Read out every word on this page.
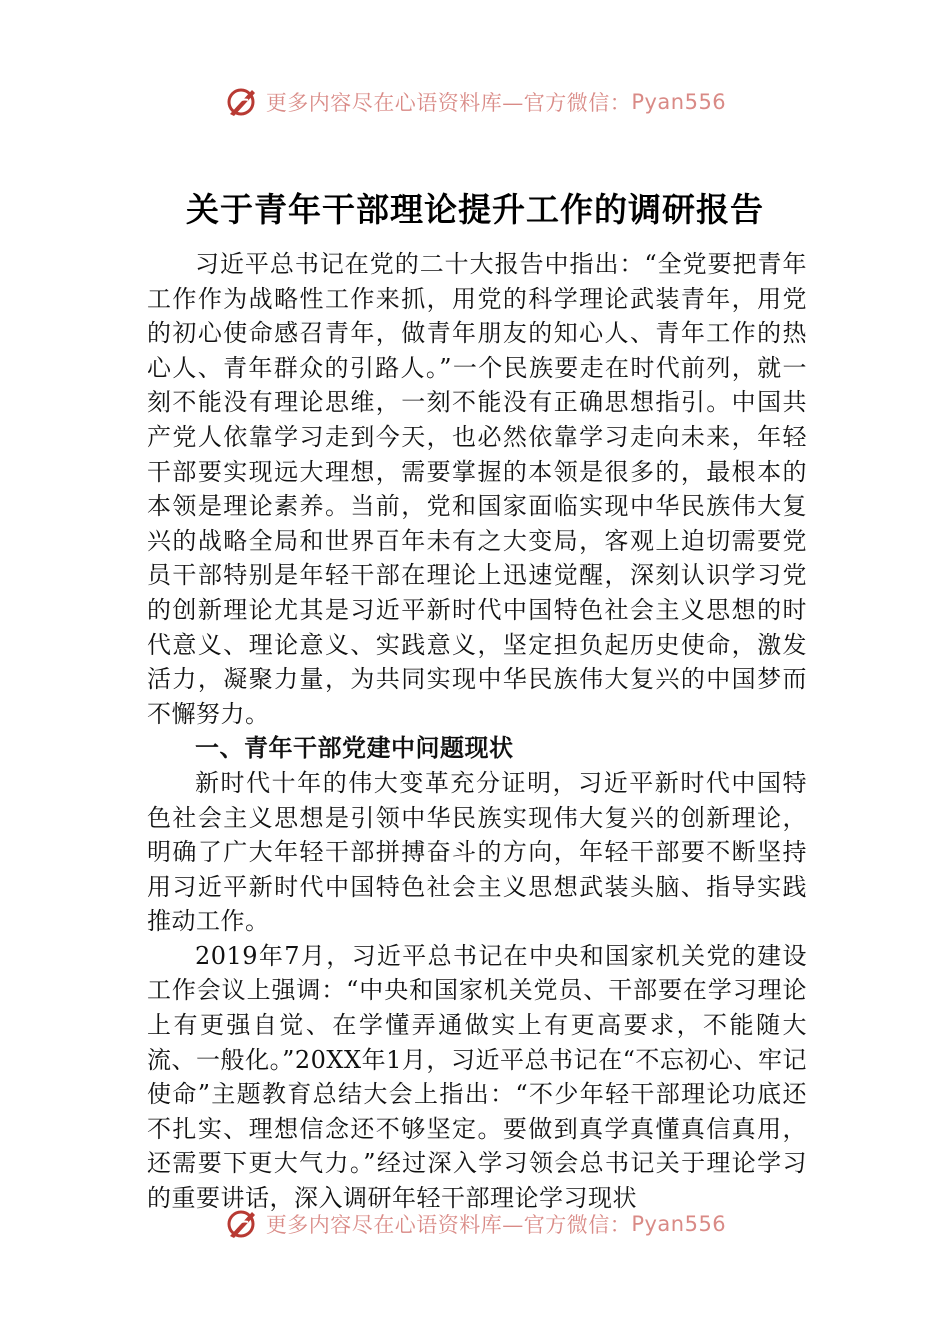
更多内容尽在心语资料库—官方微信： Pyan556
关于青年干部理论提升工作的调研报告

习近平总书记在党的二十大报告中指出：“全党要把青年工作作为战略性工作来抓，用党的科学理论武装青年，用党的初心使命感召青年，做青年朋友的知心人、青年工作的热心人、青年群众的引路人。”一个民族要走在时代前列，就一刻不能没有理论思维，一刻不能没有正确思想指引。中国共产党人依靠学习走到今天，也必然依靠学习走向未来，年轻干部要实现远大理想，需要掌握的本领是很多的，最根本的本领是理论素养。当前，党和国家面临实现中华民族伟大复兴的战略全局和世界百年未有之大变局，客观上迫切需要党员干部特别是年轻干部在理论上迅速觉醒，深刻认识学习党的创新理论尤其是习近平新时代中国特色社会主义思想的时代意义、理论意义、实践意义，坚定担负起历史使命，激发活力，凝聚力量，为共同实现中华民族伟大复兴的中国梦而不懈努力。

一、青年干部党建中问题现状

新时代十年的伟大变革充分证明，习近平新时代中国特色社会主义思想是引领中华民族实现伟大复兴的创新理论，明确了广大年轻干部拼搏奋斗的方向，年轻干部要不断坚持用习近平新时代中国特色社会主义思想武装头脑、指导实践推动工作。

2019年7月，习近平总书记在中央和国家机关党的建设工作会议上强调：“中央和国家机关党员、干部要在学习理论上有更强自觉、在学懂弄通做实上有更高要求，不能随大流、一般化。”20XX年1月，习近平总书记在“不忘初心、牢记使命”主题教育总结大会上指出：“不少年轻干部理论功底还不扎实、理想信念还不够坚定。要做到真学真懂真信真用，还需要下更大气力。”经过深入学习领会总书记关于理论学习的重要讲话，深入调研年轻干部理论学习现状

更多内容尽在心语资料库—官方微信： Pyan556
